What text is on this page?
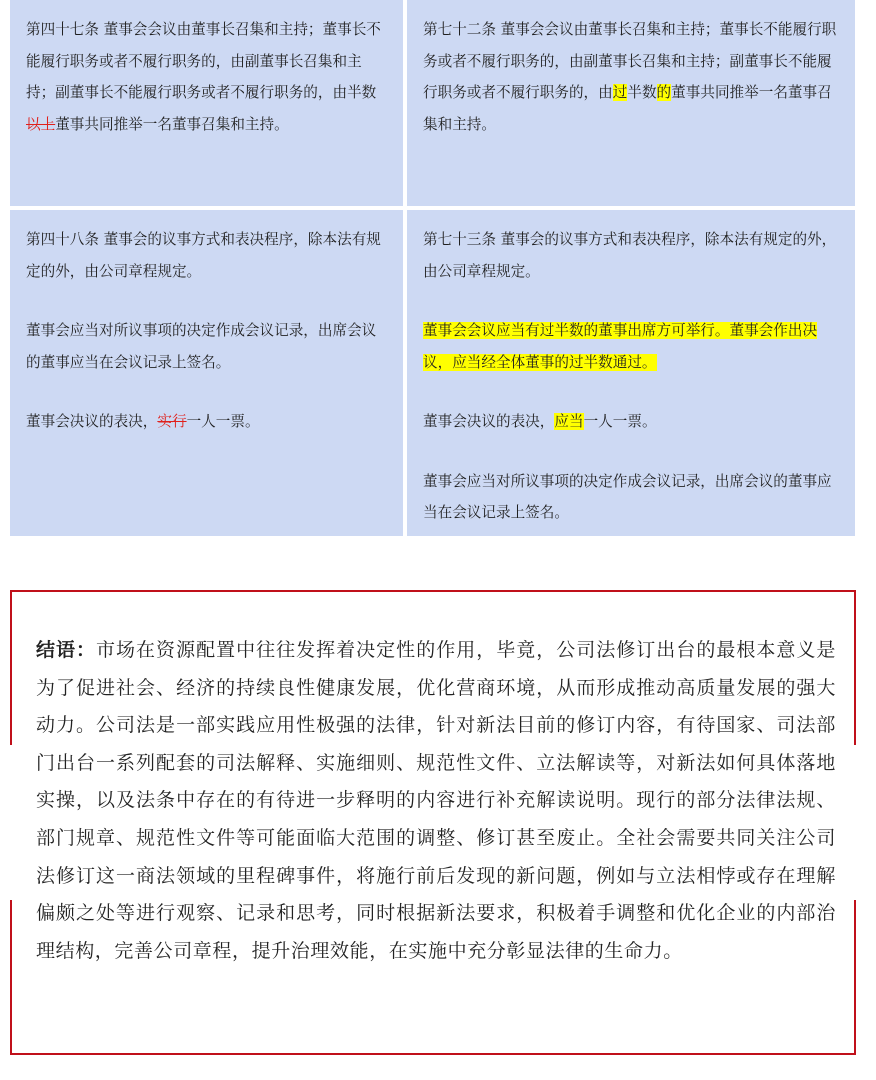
第四十七条 董事会会议由董事长召集和主持；董事长不能履行职务或者不履行职务的，由副董事长召集和主持；副董事长不能履行职务或者不履行职务的，由半数以上董事共同推举一名董事召集和主持。

第七十二条 董事会会议由董事长召集和主持；董事长不能履行职务或者不履行职务的，由副董事长召集和主持；副董事长不能履行职务或者不履行职务的，由过半数的董事共同推举一名董事召集和主持。

第四十八条 董事会的议事方式和表决程序，除本法有规定的外，由公司章程规定。

董事会应当对所议事项的决定作成会议记录，出席会议的董事应当在会议记录上签名。

董事会决议的表决，实行一人一票。

第七十三条 董事会的议事方式和表决程序，除本法有规定的外，由公司章程规定。

董事会会议应当有过半数的董事出席方可举行。董事会作出决议，应当经全体董事的过半数通过。

董事会决议的表决，应当一人一票。

董事会应当对所议事项的决定作成会议记录，出席会议的董事应当在会议记录上签名。

结语：市场在资源配置中往往发挥着决定性的作用，毕竟，公司法修订出台的最根本意义是为了促进社会、经济的持续良性健康发展，优化营商环境，从而形成推动高质量发展的强大动力。公司法是一部实践应用性极强的法律，针对新法目前的修订内容，有待国家、司法部门出台一系列配套的司法解释、实施细则、规范性文件、立法解读等，对新法如何具体落地实操，以及法条中存在的有待进一步释明的内容进行补充解读说明。现行的部分法律法规、部门规章、规范性文件等可能面临大范围的调整、修订甚至废止。全社会需要共同关注公司法修订这一商法领域的里程碑事件，将施行前后发现的新问题，例如与立法相悖或存在理解偏颇之处等进行观察、记录和思考，同时根据新法要求，积极着手调整和优化企业的内部治理结构，完善公司章程，提升治理效能，在实施中充分彰显法律的生命力。
